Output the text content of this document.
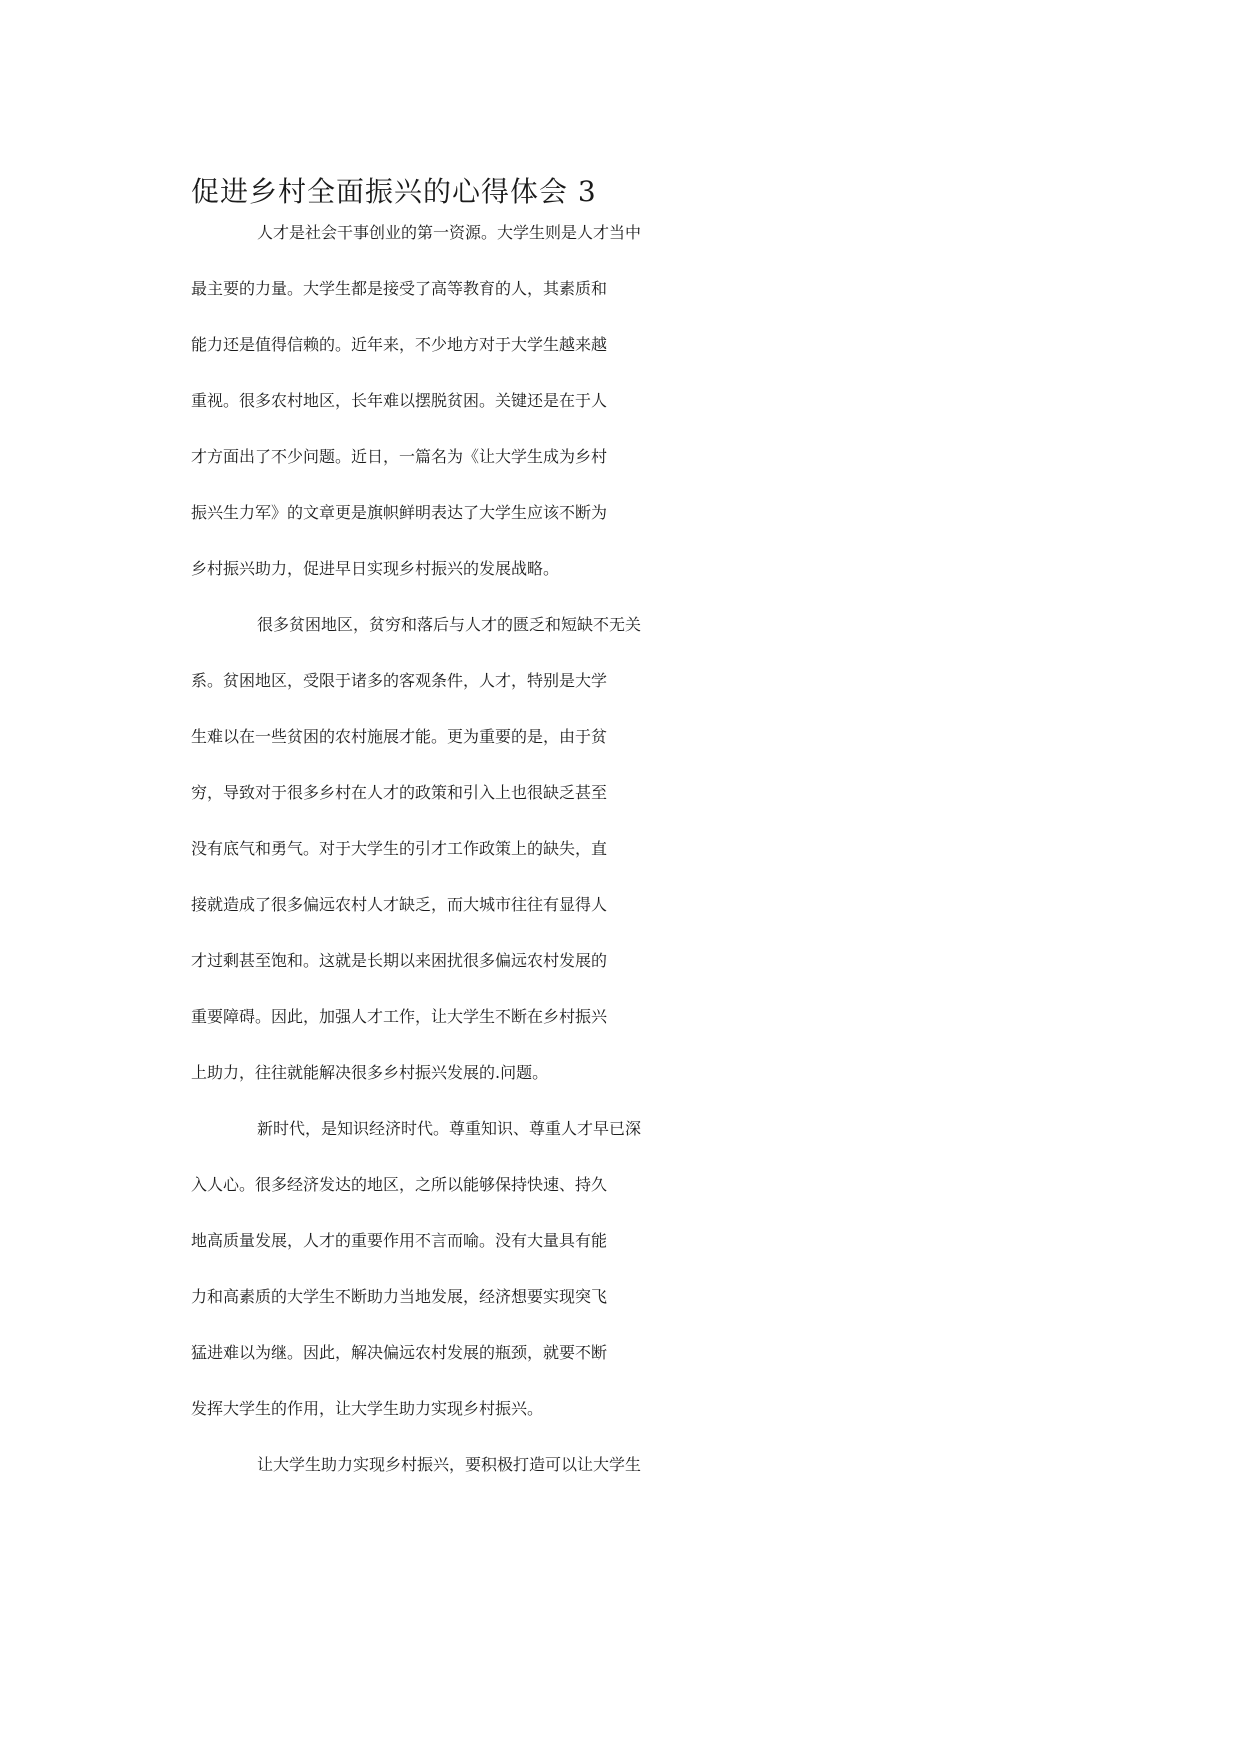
促进乡村全面振兴的心得体会 3
人才是社会干事创业的第一资源。大学生则是人才当中
最主要的力量。大学生都是接受了高等教育的人，其素质和
能力还是值得信赖的。近年来，不少地方对于大学生越来越
重视。很多农村地区，长年难以摆脱贫困。关键还是在于人
才方面出了不少问题。近日，一篇名为《让大学生成为乡村
振兴生力军》的文章更是旗帜鲜明表达了大学生应该不断为
乡村振兴助力，促进早日实现乡村振兴的发展战略。
很多贫困地区，贫穷和落后与人才的匮乏和短缺不无关
系。贫困地区，受限于诸多的客观条件，人才，特别是大学
生难以在一些贫困的农村施展才能。更为重要的是，由于贫
穷，导致对于很多乡村在人才的政策和引入上也很缺乏甚至
没有底气和勇气。对于大学生的引才工作政策上的缺失，直
接就造成了很多偏远农村人才缺乏，而大城市往往有显得人
才过剩甚至饱和。这就是长期以来困扰很多偏远农村发展的
重要障碍。因此，加强人才工作，让大学生不断在乡村振兴
上助力，往往就能解决很多乡村振兴发展的.问题。
新时代，是知识经济时代。尊重知识、尊重人才早已深
入人心。很多经济发达的地区，之所以能够保持快速、持久
地高质量发展，人才的重要作用不言而喻。没有大量具有能
力和高素质的大学生不断助力当地发展，经济想要实现突飞
猛进难以为继。因此，解决偏远农村发展的瓶颈，就要不断
发挥大学生的作用，让大学生助力实现乡村振兴。
让大学生助力实现乡村振兴，要积极打造可以让大学生
